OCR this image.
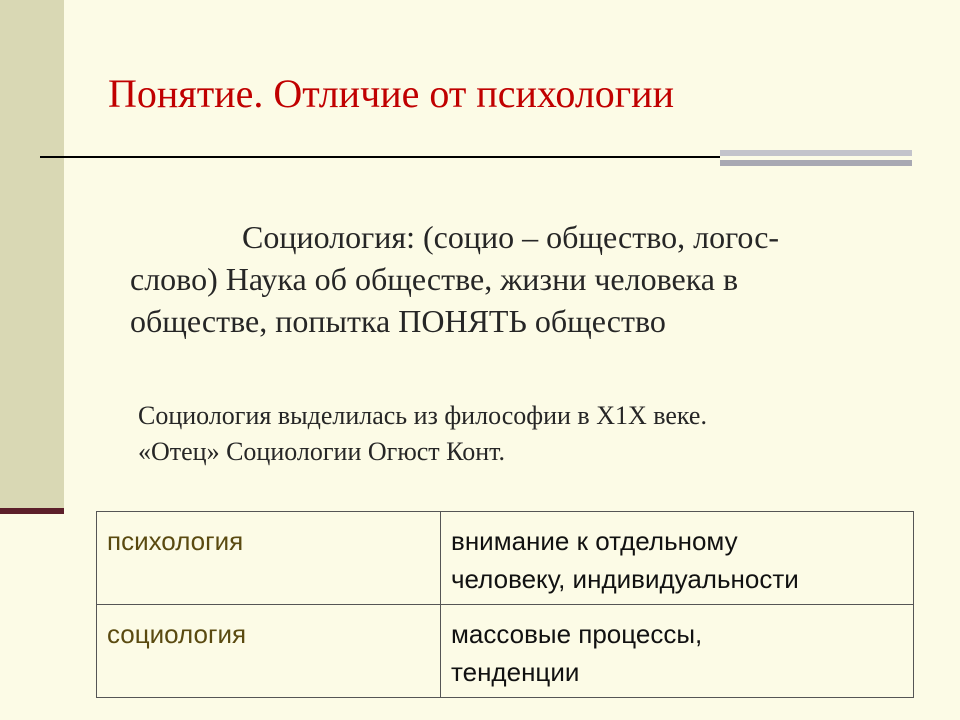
Понятие. Отличие от психологии
Социология: (социо – общество, логос-
слово) Наука об обществе, жизни человека в
обществе, попытка ПОНЯТЬ общество
Социология выделилась из философии в Х1Х веке.
«Отец» Социологии Огюст Конт.
психология	внимание к отдельному
человеку, индивидуальности

социология	массовые процессы,
тенденции
